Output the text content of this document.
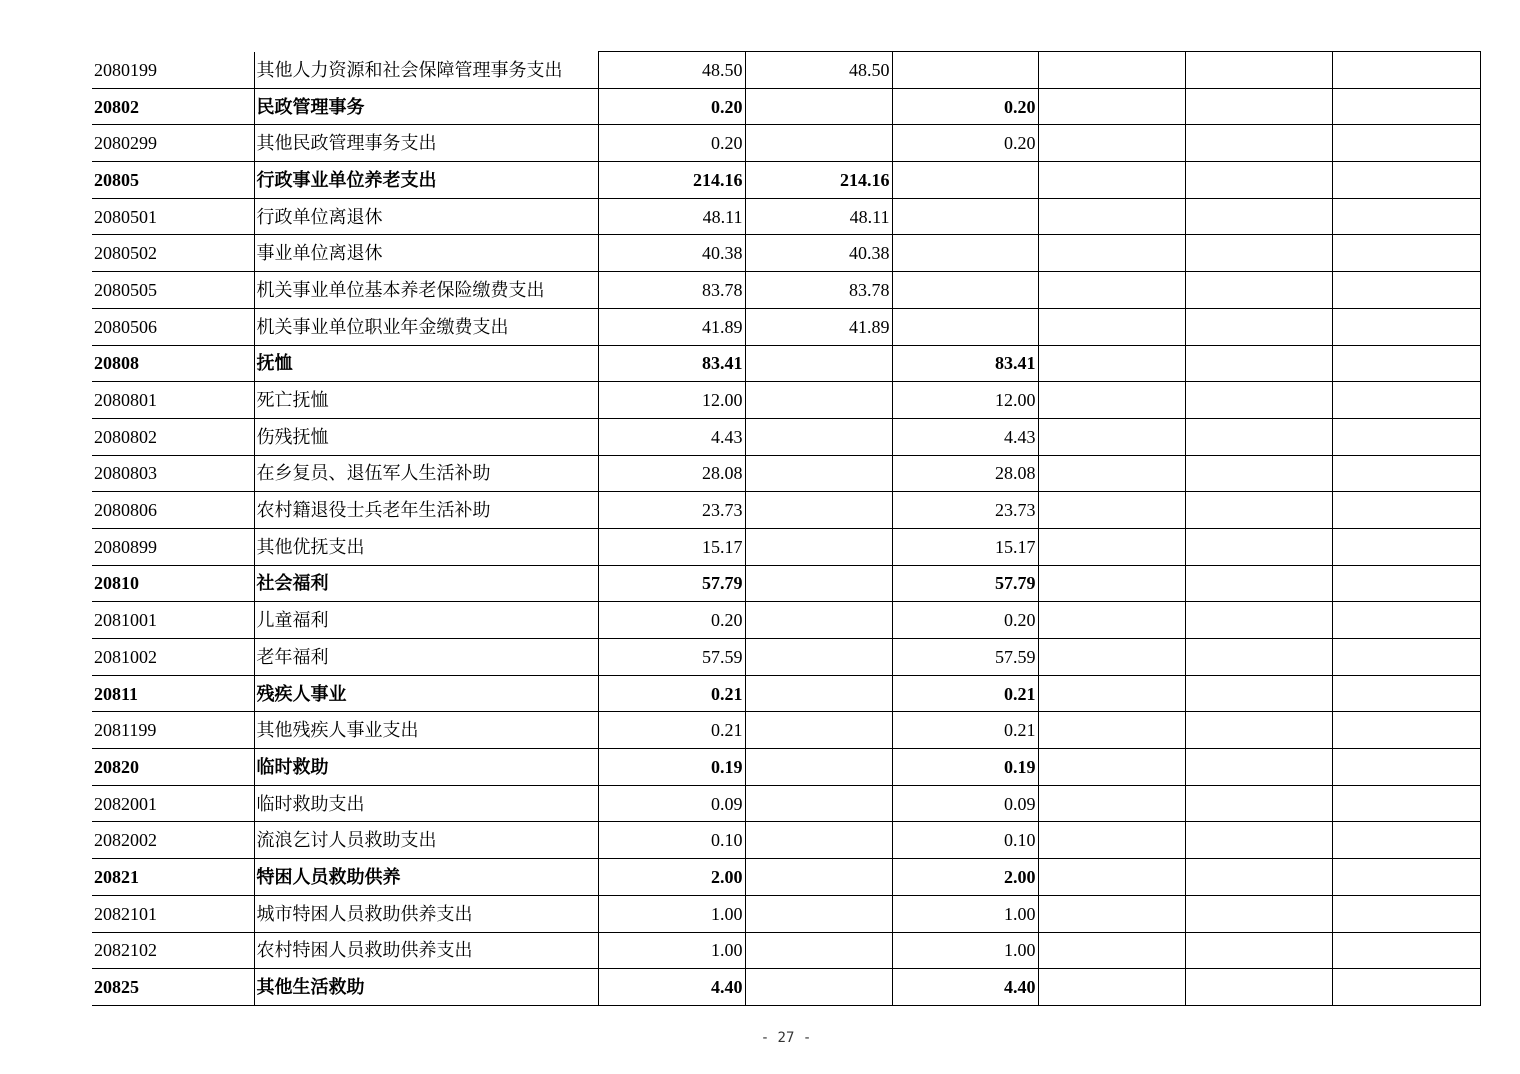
2080199	其他人力资源和社会保障管理事务支出	48.50	48.50				
20802	民政管理事务	0.20		0.20			
2080299	其他民政管理事务支出	0.20		0.20			
20805	行政事业单位养老支出	214.16	214.16				
2080501	行政单位离退休	48.11	48.11				
2080502	事业单位离退休	40.38	40.38				
2080505	机关事业单位基本养老保险缴费支出	83.78	83.78				
2080506	机关事业单位职业年金缴费支出	41.89	41.89				
20808	抚恤	83.41		83.41			
2080801	死亡抚恤	12.00		12.00			
2080802	伤残抚恤	4.43		4.43			
2080803	在乡复员、退伍军人生活补助	28.08		28.08			
2080806	农村籍退役士兵老年生活补助	23.73		23.73			
2080899	其他优抚支出	15.17		15.17			
20810	社会福利	57.79		57.79			
2081001	儿童福利	0.20		0.20			
2081002	老年福利	57.59		57.59			
20811	残疾人事业	0.21		0.21			
2081199	其他残疾人事业支出	0.21		0.21			
20820	临时救助	0.19		0.19			
2082001	临时救助支出	0.09		0.09			
2082002	流浪乞讨人员救助支出	0.10		0.10			
20821	特困人员救助供养	2.00		2.00			
2082101	城市特困人员救助供养支出	1.00		1.00			
2082102	农村特困人员救助供养支出	1.00		1.00			
20825	其他生活救助	4.40		4.40			
- 27 -
